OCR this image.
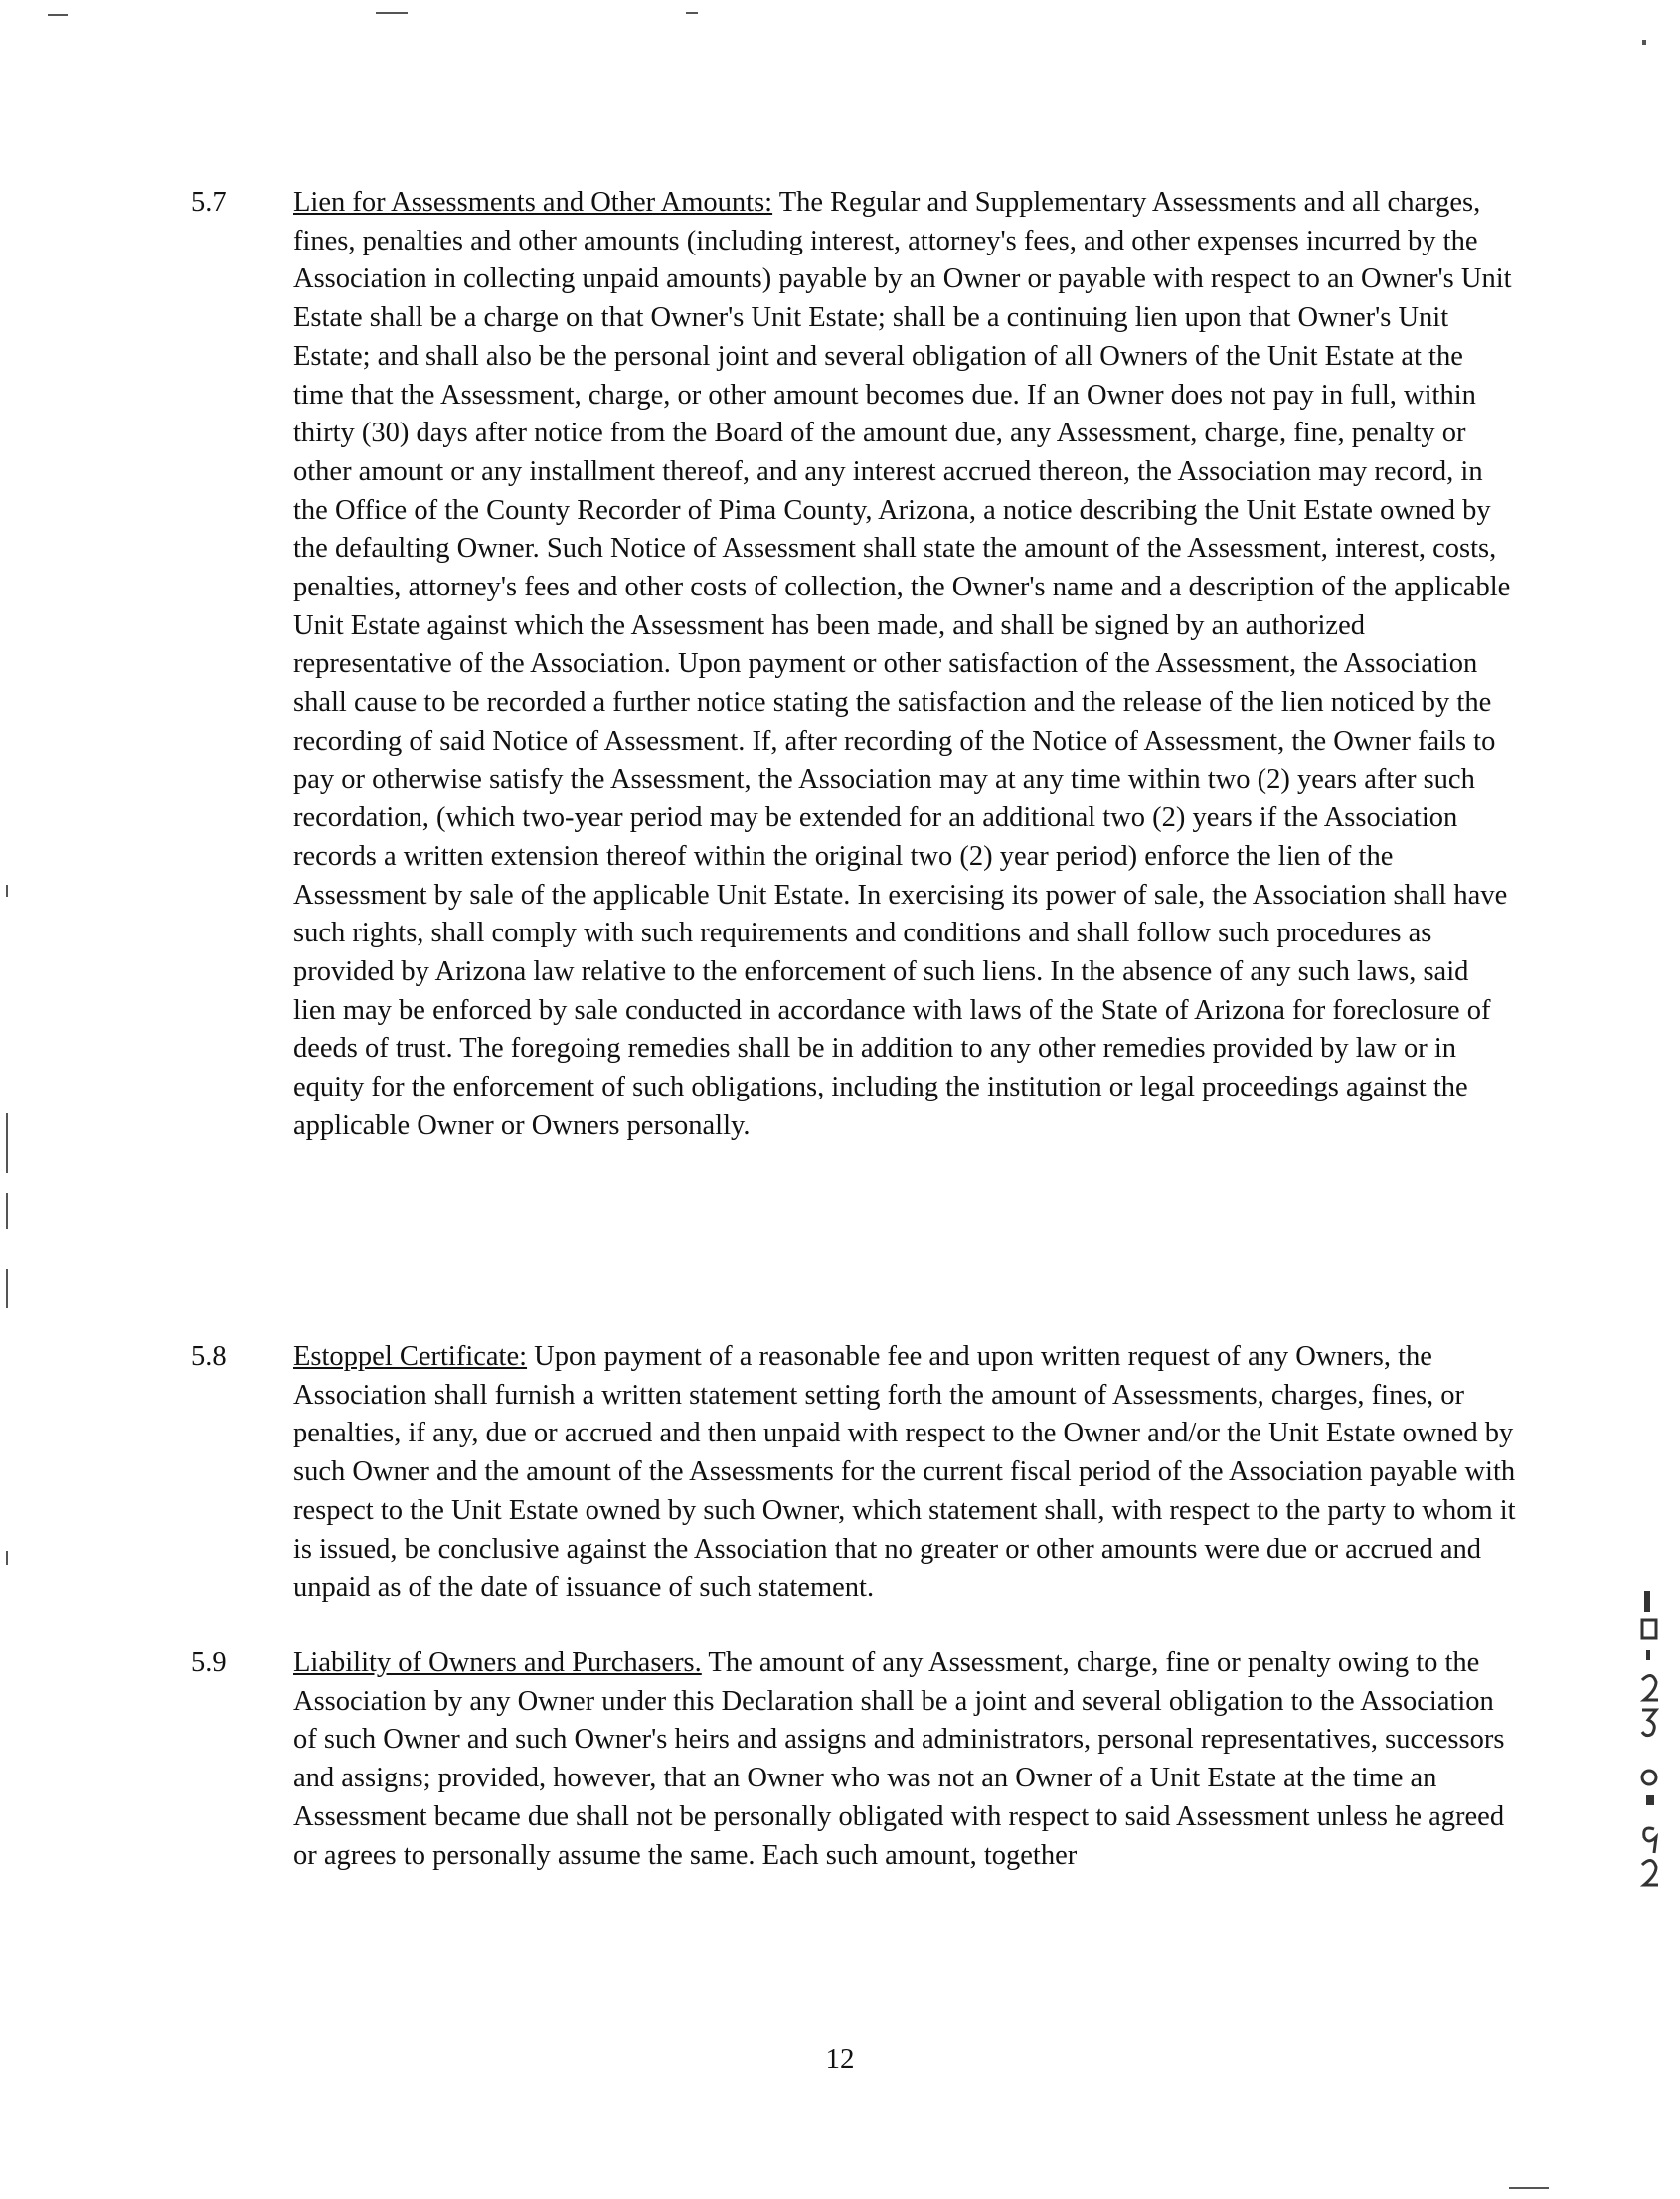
5.7 Lien for Assessments and Other Amounts: The Regular and Supplementary Assessments and all charges, fines, penalties and other amounts (including interest, attorney's fees, and other expenses incurred by the Association in collecting unpaid amounts) payable by an Owner or payable with respect to an Owner's Unit Estate shall be a charge on that Owner's Unit Estate; shall be a continuing lien upon that Owner's Unit Estate; and shall also be the personal joint and several obligation of all Owners of the Unit Estate at the time that the Assessment, charge, or other amount becomes due. If an Owner does not pay in full, within thirty (30) days after notice from the Board of the amount due, any Assessment, charge, fine, penalty or other amount or any installment thereof, and any interest accrued thereon, the Association may record, in the Office of the County Recorder of Pima County, Arizona, a notice describing the Unit Estate owned by the defaulting Owner. Such Notice of Assessment shall state the amount of the Assessment, interest, costs, penalties, attorney's fees and other costs of collection, the Owner's name and a description of the applicable Unit Estate against which the Assessment has been made, and shall be signed by an authorized representative of the Association. Upon payment or other satisfaction of the Assessment, the Association shall cause to be recorded a further notice stating the satisfaction and the release of the lien noticed by the recording of said Notice of Assessment. If, after recording of the Notice of Assessment, the Owner fails to pay or otherwise satisfy the Assessment, the Association may at any time within two (2) years after such recordation, (which two-year period may be extended for an additional two (2) years if the Association records a written extension thereof within the original two (2) year period) enforce the lien of the Assessment by sale of the applicable Unit Estate. In exercising its power of sale, the Association shall have such rights, shall comply with such requirements and conditions and shall follow such procedures as provided by Arizona law relative to the enforcement of such liens. In the absence of any such laws, said lien may be enforced by sale conducted in accordance with laws of the State of Arizona for foreclosure of deeds of trust. The foregoing remedies shall be in addition to any other remedies provided by law or in equity for the enforcement of such obligations, including the institution or legal proceedings against the applicable Owner or Owners personally.
5.8 Estoppel Certificate: Upon payment of a reasonable fee and upon written request of any Owners, the Association shall furnish a written statement setting forth the amount of Assessments, charges, fines, or penalties, if any, due or accrued and then unpaid with respect to the Owner and/or the Unit Estate owned by such Owner and the amount of the Assessments for the current fiscal period of the Association payable with respect to the Unit Estate owned by such Owner, which statement shall, with respect to the party to whom it is issued, be conclusive against the Association that no greater or other amounts were due or accrued and unpaid as of the date of issuance of such statement.
5.9 Liability of Owners and Purchasers. The amount of any Assessment, charge, fine or penalty owing to the Association by any Owner under this Declaration shall be a joint and several obligation to the Association of such Owner and such Owner's heirs and assigns and administrators, personal representatives, successors and assigns; provided, however, that an Owner who was not an Owner of a Unit Estate at the time an Assessment became due shall not be personally obligated with respect to said Assessment unless he agreed or agrees to personally assume the same. Each such amount, together
12
